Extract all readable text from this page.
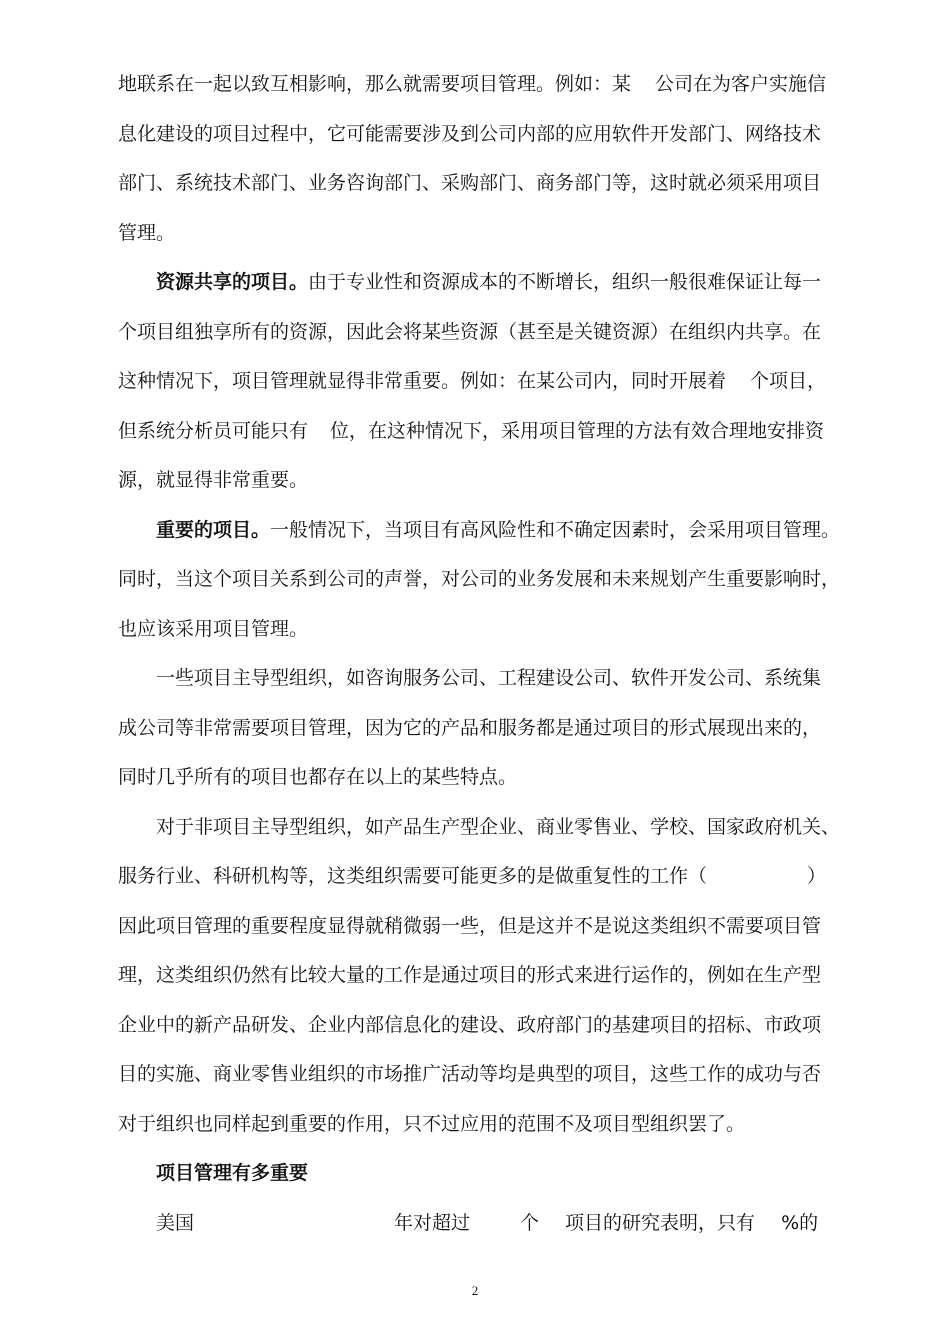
地联系在一起以致互相影响，那么就需要项目管理。例如：某 公司在为客户实施信
息化建设的项目过程中，它可能需要涉及到公司内部的应用软件开发部门、网络技术
部门、系统技术部门、业务咨询部门、采购部门、商务部门等，这时就必须采用项目
管理。
资源共享的项目。由于专业性和资源成本的不断增长，组织一般很难保证让每一
个项目组独享所有的资源，因此会将某些资源（甚至是关键资源）在组织内共享。在
这种情况下，项目管理就显得非常重要。例如：在某公司内，同时开展着 个项目，
但系统分析员可能只有 位，在这种情况下，采用项目管理的方法有效合理地安排资
源，就显得非常重要。
重要的项目。一般情况下，当项目有高风险性和不确定因素时，会采用项目管理。
同时，当这个项目关系到公司的声誉，对公司的业务发展和未来规划产生重要影响时，
也应该采用项目管理。
一些项目主导型组织，如咨询服务公司、工程建设公司、软件开发公司、系统集
成公司等非常需要项目管理，因为它的产品和服务都是通过项目的形式展现出来的，
同时几乎所有的项目也都存在以上的某些特点。
对于非项目主导型组织，如产品生产型企业、商业零售业、学校、国家政府机关、
服务行业、科研机构等，这类组织需要可能更多的是做重复性的工作（	）
因此项目管理的重要程度显得就稍微弱一些，但是这并不是说这类组织不需要项目管
理，这类组织仍然有比较大量的工作是通过项目的形式来进行运作的，例如在生产型
企业中的新产品研发、企业内部信息化的建设、政府部门的基建项目的招标、市政项
目的实施、商业零售业组织的市场推广活动等均是典型的项目，这些工作的成功与否
对于组织也同样起到重要的作用，只不过应用的范围不及项目型组织罢了。
项目管理有多重要
美国	年对超过	个 项目的研究表明，只有 %的
2
